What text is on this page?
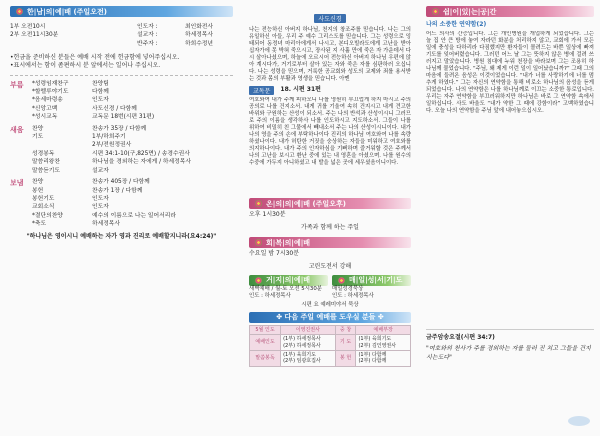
한|남|의|예|배 (주일오전)
1부 오전10시	인도자 :	최인화전사
2부 오전11시30분	설교자 :	하세정목사
반주자 :	하희수정년
•헌금을 준비하신 분들은 예배 시작 전에 헌금함에 넣어주십시오.
•표시에서는 함이 좀편하시 분 앞에서는 일어나 주십시오.
부름	*성령임재찬구	찬양팀
*할렐루야기도	다함께
*음세마령송	인도자
*신앙고백	사도신경 / 다함께
*성시교독	교독문 18번(시편 31편)
새움	찬양	찬송가 35장 / 다함께
기도	1부/하희주기
2부/전원정권사
성경봉독	시편 34:1-10(구,825면) / 송경수권사
말씀리왕찬	하나님을 경외하는 자에게 / 하세정목사
말씀듣기도	설교자
보냄	찬양	찬송가 405장 / 다함께
봉헌	찬송가 1장 / 다함께
봉헌기도	인도자
교회소식	인도자
*결단의찬양	예수의 이름으로 나는 일어서리라
*축도	하세정목사
"하나님은 영이시니 예배하는 자가 영과 진리로 예배할지니라(요4:24)"
사도신경
나는 전능하신 아버지 하나님, 천지의 창조주를 믿습니다. 나는 그의 유일하신 아들, 우리 주 예수 그리스도를 믿습니다. 그는 성령으로 잉태되어 동정녀 마리아에게서 나시고, 본디오빌라도에게 고난을 받아 십자가에 못 박혀 죽으시고, 장사된 지 사흘 만에 죽은 자 가운데서 다시 살아나셨으며, 하늘에 오르시어 전능하신 아버지 하나님 우편에 앉아 계시다가, 거기로부터 살아 있는 자와 죽은 자를 심판하러 오십니다. 나는 성령을 믿으며, 거룩한 공교회와 성도의 교제와 죄를 용서받는 것과 몸의 부활과 영생을 믿습니다. 아멘
교독문	18. 시편 31편
여호와여 내가 주께 피하오니 나를 영원히 부끄럽게 하지 마시고 주의 공의로 나를 건지소서. 내게 귀를 기울여 속히 건지시고 내게 견고한 바위와 구원하는 산성이 되소서. 주는 나의 반석과 산성이시니 그러므로 주의 이름을 생각하사 나를 인도하시고 지도하소서. 그들이 나를 위하여 비밀히 친 그물에서 빼내소서 주는 나의 산성이시니이다. 내가 나의 영을 주의 손에 부탁하나이다 진리의 하나님 여호와여 나를 속량하셨나이다. 내가 허탄한 거짓을 숭상하는 자들을 미워하고 여호와를 의지하나이다. 내가 주의 인자하심을 기뻐하며 즐거워할 것은 주께서 나의 고난을 보시고 환난 중에 있는 내 영혼을 아셨으며. 나를 원수의 수중에 가두지 아니하셨고 내 발을 넓은 곳에 세우셨음이니이다.
온|의|의|예|배 (주일오후)
오후 1시30분
가족과 함께 하는 주일
회|복|의|예|배
수요일 밤 7시30분
고린도전서 강해
거|지|의|예|배
새벽예배 / 월-토 오전 5시30분
인도 : 하세정목사
매|일|성|서|기|도
매일성경묵상
인도 : 하세정목사
시편 요 예레미야서 묵상
✤ 다음 주일 예배를 도우실 분들 ✤
5월 인도	이영진권사	중 창	예배부장
예배인도	(1부) 하세정목사
(2부) 하세정목사	기 도	(1부) 육희기도
(2부) 김인영권사
말씀봉독	(1부) 육희기도
(2부) 임광호집사	봉 헌	(1부) 다함께
(2부) 다함께
쉼|이|있|는|공|간
나의 소중한 연약함(2)
어느 의사의 간증입니다. 그는 개인병원을 개업하게 되었습니다. 그는 늘 집 안 큰 방에 놓여 자라던 화분을 처리하지 않고, 교회에 가서 모든 일에 충성을 다하리라 다짐했지만 환자들이 몰려드는 바쁜 일상에 빠져 기도를 잊어버렸습니다. 그러던 어느 날 그는 뜻하지 않은 병에 걸려 쓰러지고 말았습니다. 병원 침대에 누워 천장을 바라보며 그는 조용히 하나님께 물었습니다. “주님, 왜 제게 이런 일이 일어났습니까?” 그때 그의 마음에 들려온 음성은 이것이었습니다. “내가 너를 사랑하기에 너를 멈추게 하였다.” 그는 자신의 연약함을 통해 비로소 하나님의 음성을 듣게 되었습니다. 나의 연약함은 나를 하나님께로 이끄는 소중한 통로입니다. 우리는 자주 연약함을 부끄러워하지만 하나님은 바로 그 연약함 속에서 일하십니다. 사도 바울도 “내가 약한 그 때에 강함이라” 고백하였습니다. 오늘 나의 연약함을 주님 앞에 내어놓으십시오.
금주암송요절(시편 34:7)
"여호와의 천사가 주를 경외하는 자를 둘러 진 치고 그들을 건지시는도다"
